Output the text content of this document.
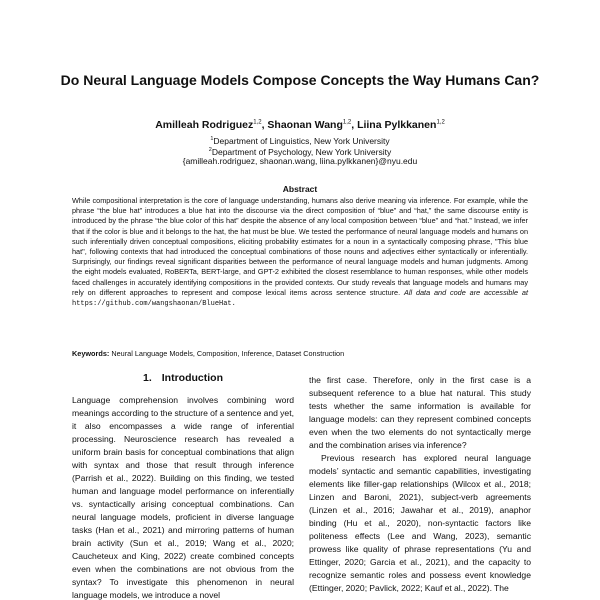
Do Neural Language Models Compose Concepts the Way Humans Can?
Amilleah Rodriguez$^{1,2}$, Shaonan Wang$^{1,2}$, Liina Pylkkanen$^{1,2}$
$^1$Department of Linguistics, New York University
$^2$Department of Psychology, New York University
{amilleah.rodriguez, shaonan.wang, liina.pylkkanen}@nyu.edu
Abstract
While compositional interpretation is the core of language understanding, humans also derive meaning via inference. For example, while the phrase “the blue hat” introduces a blue hat into the discourse via the direct composition of “blue” and “hat,” the same discourse entity is introduced by the phrase “the blue color of this hat” despite the absence of any local composition between “blue” and “hat.” Instead, we infer that if the color is blue and it belongs to the hat, the hat must be blue. We tested the performance of neural language models and humans on such inferentially driven conceptual compositions, eliciting probability estimates for a noun in a syntactically composing phrase, "This blue hat", following contexts that had introduced the conceptual combinations of those nouns and adjectives either syntactically or inferentially. Surprisingly, our findings reveal significant disparities between the performance of neural language models and human judgments. Among the eight models evaluated, RoBERTa, BERT-large, and GPT-2 exhibited the closest resemblance to human responses, while other models faced challenges in accurately identifying compositions in the provided contexts. Our study reveals that language models and humans may rely on different approaches to represent and compose lexical items across sentence structure. All data and code are accessible at https://github.com/wangshaonan/BlueHat.
Keywords: Neural Language Models, Composition, Inference, Dataset Construction
1. Introduction

Language comprehension involves combining word meanings according to the structure of a sentence and yet, it also encompasses a wide range of inferential processing. Neuroscience research has revealed a uniform brain basis for conceptual combinations that align with syntax and those that result through inference (Parrish et al., 2022). Building on this finding, we tested human and language model performance on inferentially vs. syntactically arising conceptual combinations. Can neural language models, proficient in diverse language tasks (Han et al., 2021) and mirroring patterns of human brain activity (Sun et al., 2019; Wang et al., 2020; Caucheteux and King, 2022) create combined concepts even when the combinations are not obvious from the syntax? To investigate this phenomenon in neural language models, we introduce a novel

the first case. Therefore, only in the first case is a subsequent reference to a blue hat natural. This study tests whether the same information is available for language models: can they represent combined concepts even when the two elements do not syntactically merge and the combination arises via inference?

Previous research has explored neural language models’ syntactic and semantic capabilities, investigating elements like filler-gap relationships (Wilcox et al., 2018; Linzen and Baroni, 2021), subject-verb agreements (Linzen et al., 2016; Jawahar et al., 2019), anaphor binding (Hu et al., 2020), non-syntactic factors like politeness effects (Lee and Wang, 2023), semantic prowess like quality of phrase representations (Yu and Ettinger, 2020; Garcia et al., 2021), and the capacity to recognize semantic roles and possess event knowledge (Ettinger, 2020; Pavlick, 2022; Kauf et al., 2022). The
